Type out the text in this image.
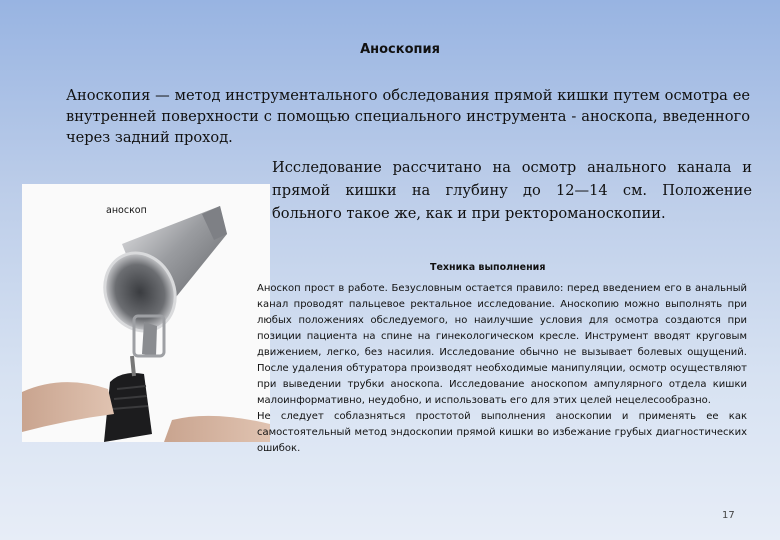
Аноскопия
Аноскопия — метод инструментального обследования прямой кишки путем осмотра ее внутренней поверхности с помощью специального инструмента - аноскопа, введенного через задний проход.
аноскоп
Исследование рассчитано на осмотр анального канала и прямой кишки на глубину до 12—14 см. Положение больного такое же, как и при ректороманоскопии.
Техника выполнения

Аноскоп прост в работе. Безусловным остается правило: перед введением его в анальный канал проводят пальцевое ректальное исследование. Аноскопию можно выполнять при любых положениях обследуемого, но наилучшие условия для осмотра создаются при позиции пациента на спине на гинекологическом кресле. Инструмент вводят круговым движением, легко, без насилия. Исследование обычно не вызывает болевых ощущений. После удаления обтуратора производят необходимые манипуляции, осмотр осуществляют при выведении трубки аноскопа. Исследование аноскопом ампулярного отдела кишки малоинформативно, неудобно, и использовать его для этих целей нецелесообразно.

Не следует соблазняться простотой выполнения аноскопии и применять ее как самостоятельный метод эндоскопии прямой кишки во избежание грубых диагностических ошибок.

17
